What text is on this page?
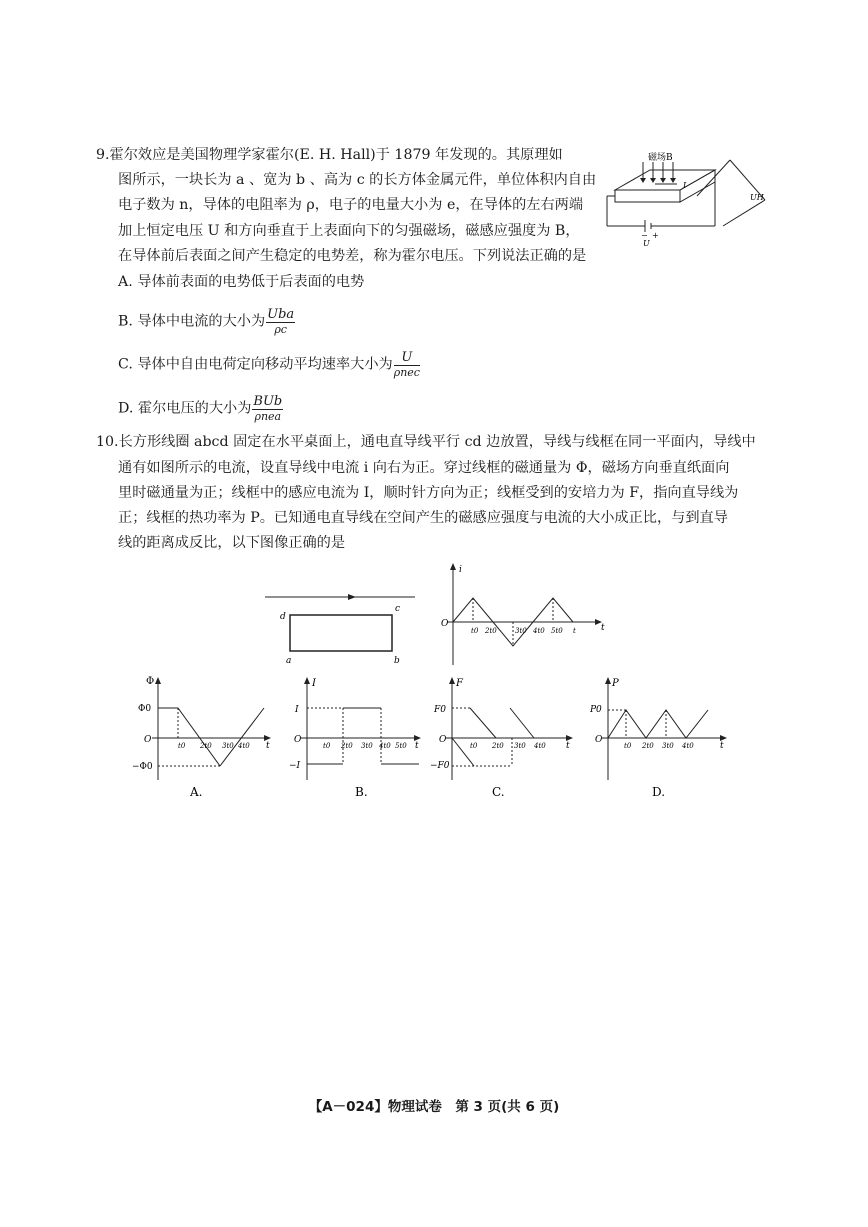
9.霍尔效应是美国物理学家霍尔(E. H. Hall)于 1879 年发现的。其原理如
图所示，一块长为 a 、宽为 b 、高为 c 的长方体金属元件，单位体积内自由
电子数为 n，导体的电阻率为 ρ，电子的电量大小为 e，在导体的左右两端
加上恒定电压 U 和方向垂直于上表面向下的匀强磁场，磁感应强度为 B，
在导体前后表面之间产生稳定的电势差，称为霍尔电压。下列说法正确的是
磁场B
I
− +
U
UH
A. 导体前表面的电势低于后表面的电势
B. 导体中电流的大小为 $\frac{\text{Uba}}{\rho c}$
C. 导体中自由电荷定向移动平均速率大小为 $\frac{U}{\text{ρnec}}$
D. 霍尔电压的大小为 $\frac{\text{BUb}}{\text{ρnea}}$
10.长方形线圈 abcd 固定在水平桌面上，通电直导线平行 cd 边放置，导线与线框在同一平面内，导线中
通有如图所示的电流，设直导线中电流 i 向右为正。穿过线框的磁通量为 Φ，磁场方向垂直纸面向
里时磁通量为正；线框中的感应电流为 I，顺时针方向为正；线框受到的安培力为 F，指向直导线为
正；线框的热功率为 P。已知通电直导线在空间产生的磁感应强度与电流的大小成正比，与到直导
线的距离成反比，以下图像正确的是
d
c
a	b
i
t
O
t0 2t0	3t0 4t0 5t0 t
Φ
Φ0
−Φ0
O
t
t0 2t0 3t0 4t0
A.
I
I
−I
O
t
t0 2t0 3t0 4t0 5t0
B.
F
F0
−F0
O
t
t0 2t0 3t0 4t0
C.
P
P0
O
t
t0 2t0 3t0 4t0
D.
【A－024】物理试卷　第 3 页(共 6 页)
